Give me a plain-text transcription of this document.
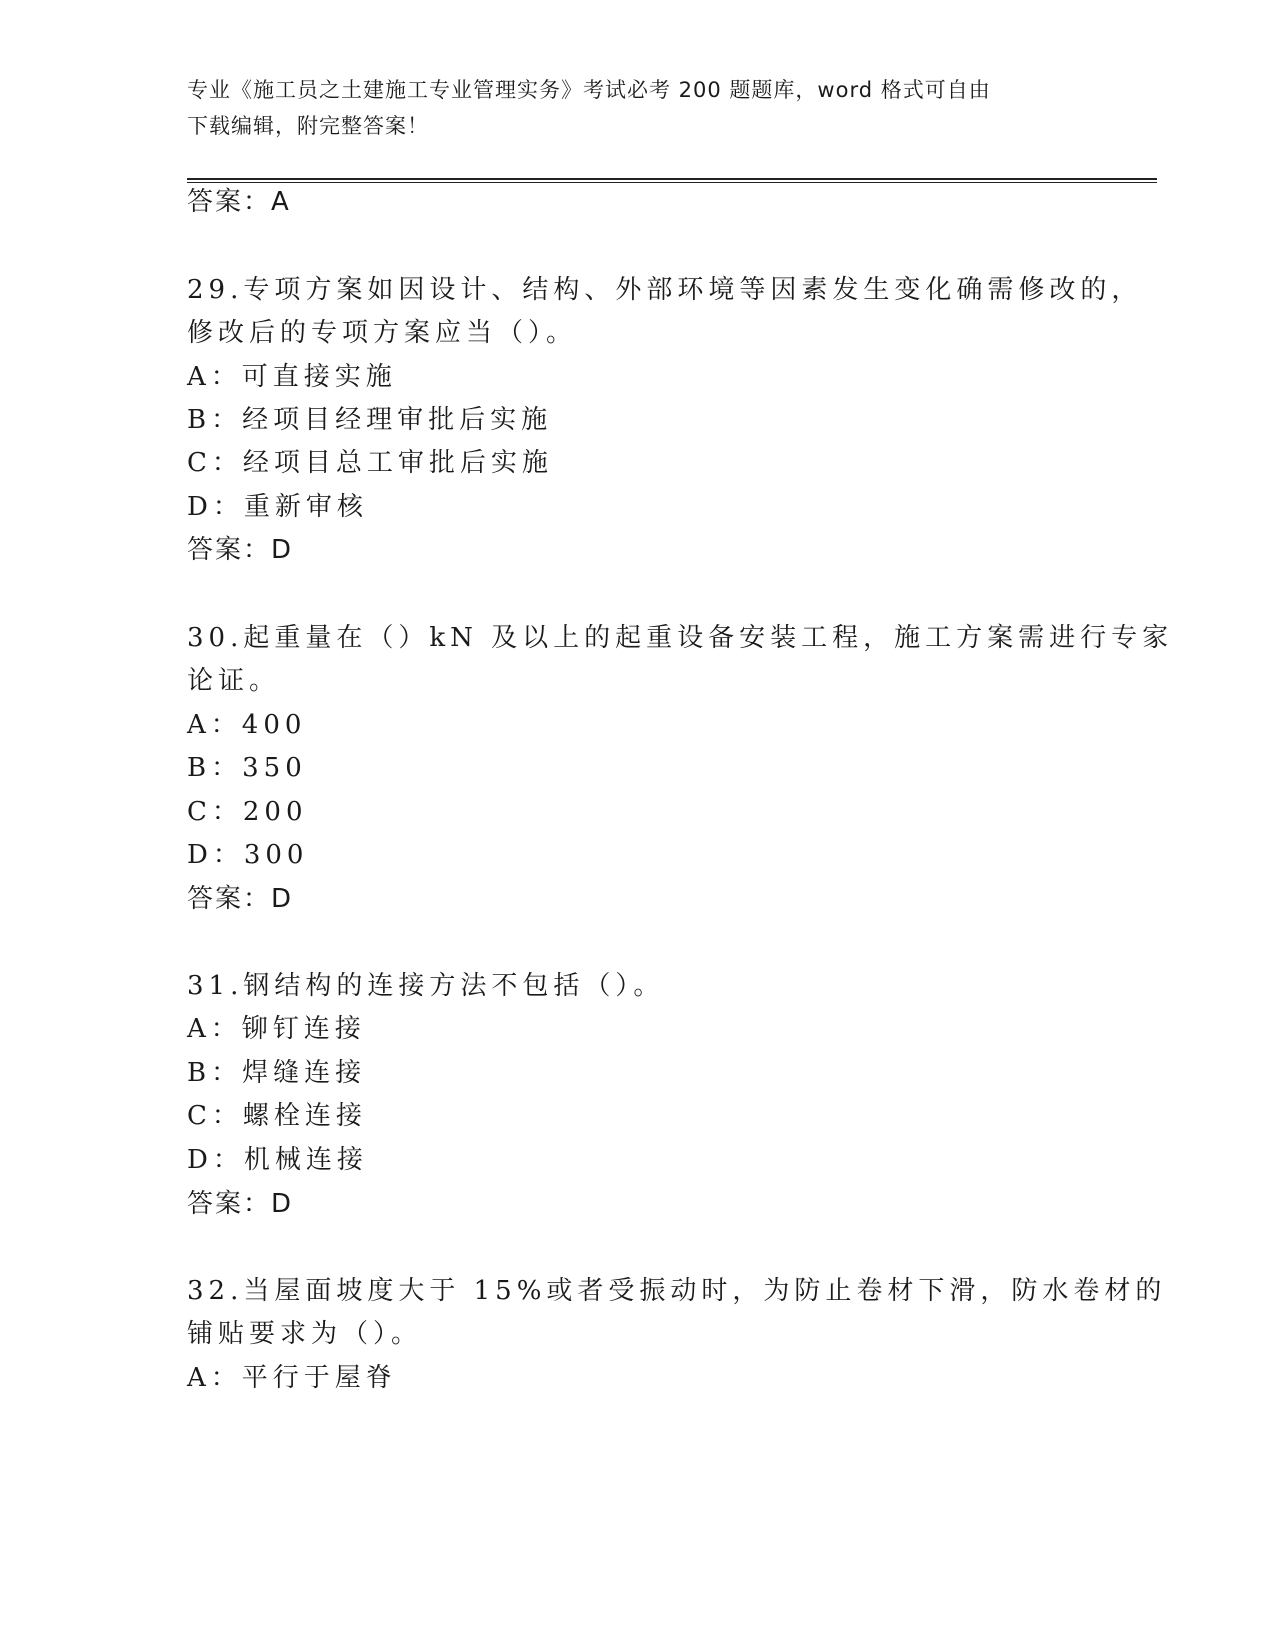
专业《施工员之土建施工专业管理实务》考试必考 200 题题库，word 格式可自由
下载编辑，附完整答案！
答案：A
29.专项方案如因设计、结构、外部环境等因素发生变化确需修改的，
修改后的专项方案应当（）。
A：可直接实施
B：经项目经理审批后实施
C：经项目总工审批后实施
D：重新审核
答案：D
30.起重量在（）kN 及以上的起重设备安装工程，施工方案需进行专家
论证。
A：400
B：350
C：200
D：300
答案：D
31.钢结构的连接方法不包括（）。
A：铆钉连接
B：焊缝连接
C：螺栓连接
D：机械连接
答案：D
32.当屋面坡度大于 15%或者受振动时，为防止卷材下滑，防水卷材的
铺贴要求为（）。
A：平行于屋脊
